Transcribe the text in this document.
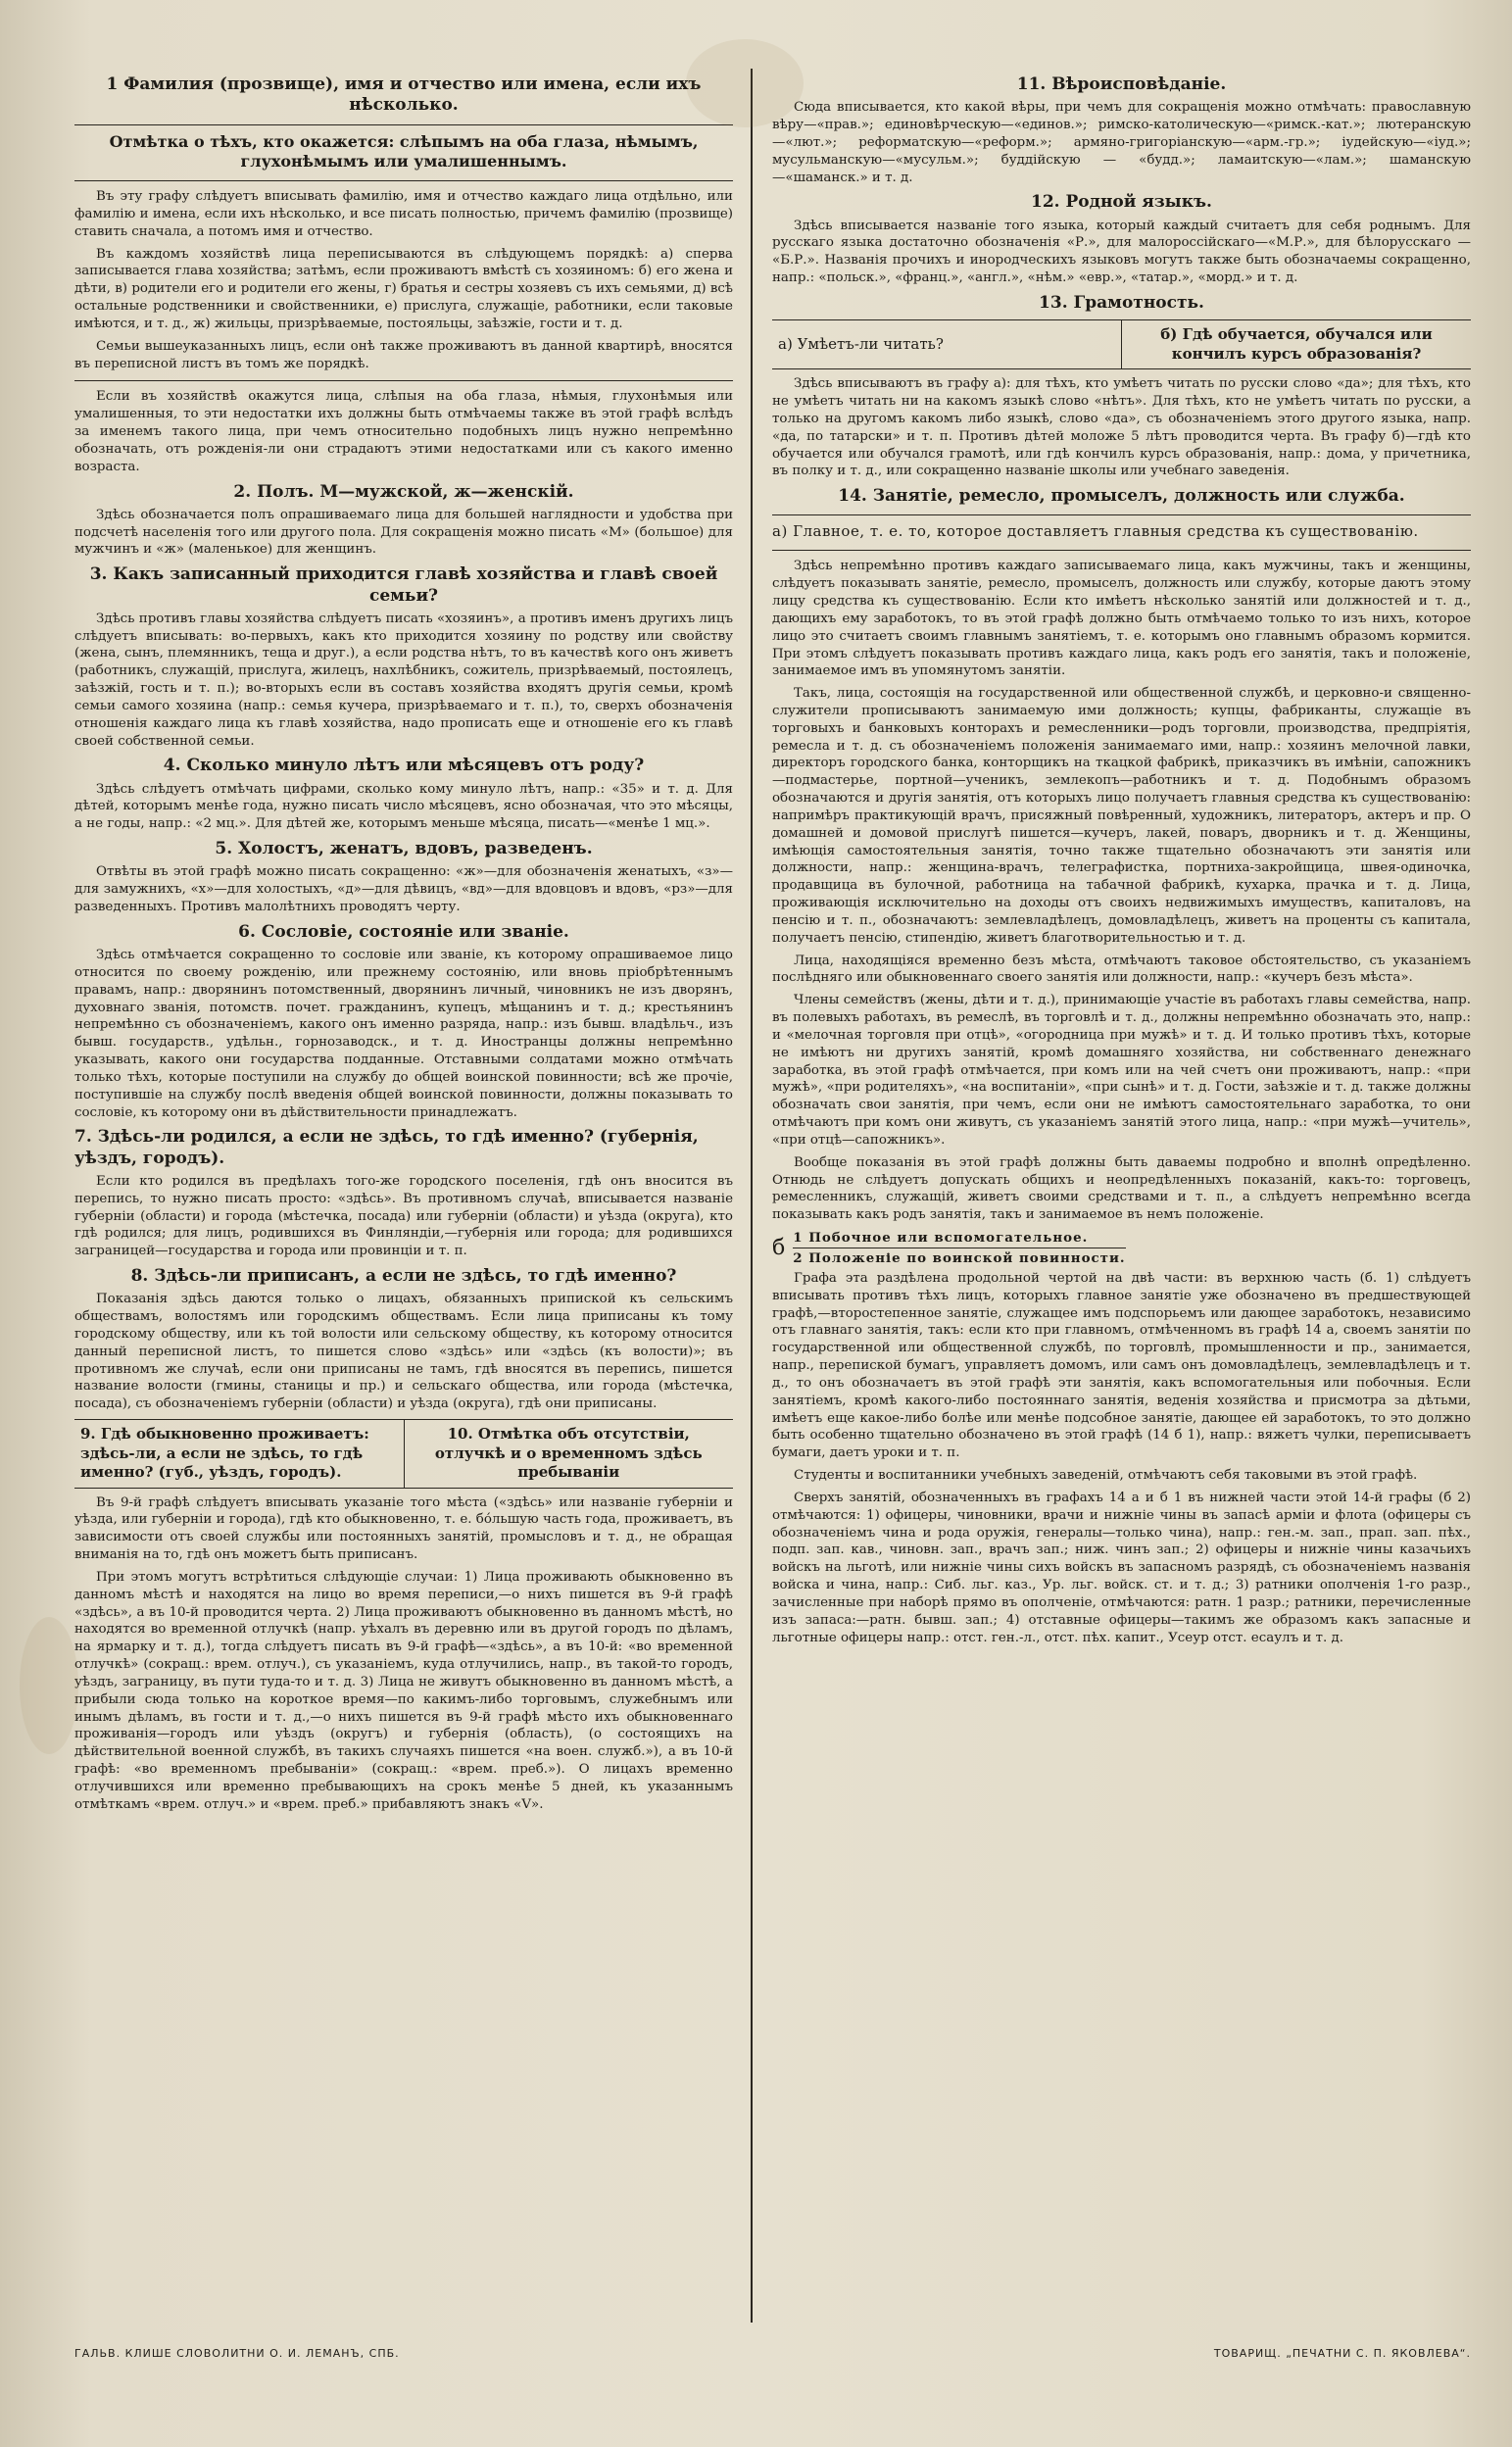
1 Фамилия (прозвище), имя и отчество или имена, если ихъ нѣсколько.
Отмѣтка о тѣхъ, кто окажется: слѣпымъ на оба глаза, нѣмымъ, глухонѣмымъ или умалишеннымъ.

Въ эту графу слѣдуетъ вписывать фамилію, имя и отчество каждаго лица отдѣльно, или фамилію и имена, если ихъ нѣсколько, и все писать полностью, причемъ фамилію (прозвище) ставить сначала, а потомъ имя и отчество.

Въ каждомъ хозяйствѣ лица переписываются въ слѣдующемъ порядкѣ: а) сперва записывается глава хозяйства; затѣмъ, если проживаютъ вмѣстѣ съ хозяиномъ: б) его жена и дѣти, в) родители его и родители его жены, г) братья и сестры хозяевъ съ ихъ семьями, д) всѣ остальные родственники и свойственники, е) прислуга, служащіе, работники, если таковые имѣются, и т. д., ж) жильцы, призрѣваемые, постояльцы, заѣзжіе, гости и т. д.

Семьи вышеуказанныхъ лицъ, если онѣ также проживаютъ въ данной квартирѣ, вносятся въ переписной листъ въ томъ же порядкѣ.

Если въ хозяйствѣ окажутся лица, слѣпыя на оба глаза, нѣмыя, глухонѣмыя или умалишенныя, то эти недостатки ихъ должны быть отмѣчаемы также въ этой графѣ вслѣдъ за именемъ такого лица, при чемъ относительно подобныхъ лицъ нужно непремѣнно обозначать, отъ рожденія-ли они страдаютъ этими недостатками или съ какого именно возраста.

2. Полъ. М—мужской, ж—женскій.

Здѣсь обозначается полъ опрашиваемаго лица для большей наглядности и удобства при подсчетѣ населенія того или другого пола. Для сокращенія можно писать «М» (большое) для мужчинъ и «ж» (маленькое) для женщинъ.

3. Какъ записанный приходится главѣ хозяйства и главѣ своей семьи?

Здѣсь противъ главы хозяйства слѣдуетъ писать «хозяинъ», а противъ именъ другихъ лицъ слѣдуетъ вписывать: во-первыхъ, какъ кто приходится хозяину по родству или свойству (жена, сынъ, племянникъ, теща и друг.), а если родства нѣтъ, то въ качествѣ кого онъ живетъ (работникъ, служащій, прислуга, жилецъ, нахлѣбникъ, сожитель, призрѣваемый, постоялецъ, заѣзжій, гость и т. п.); во-вторыхъ если въ составъ хозяйства входятъ другія семьи, кромѣ семьи самого хозяина (напр.: семья кучера, призрѣваемаго и т. п.), то, сверхъ обозначенія отношенія каждаго лица къ главѣ хозяйства, надо прописать еще и отношеніе его къ главѣ своей собственной семьи.

4. Сколько минуло лѣтъ или мѣсяцевъ отъ роду?

Здѣсь слѣдуетъ отмѣчать цифрами, сколько кому минуло лѣтъ, напр.: «35» и т. д. Для дѣтей, которымъ менѣе года, нужно писать число мѣсяцевъ, ясно обозначая, что это мѣсяцы, а не годы, напр.: «2 мц.». Для дѣтей же, которымъ меньше мѣсяца, писать—«менѣе 1 мц.».

5. Холостъ, женатъ, вдовъ, разведенъ.

Отвѣты въ этой графѣ можно писать сокращенно: «ж»—для обозначенія женатыхъ, «з»—для замужнихъ, «х»—для холостыхъ, «д»—для дѣвицъ, «вд»—для вдовцовъ и вдовъ, «рз»—для разведенныхъ. Противъ малолѣтнихъ проводятъ черту.

6. Сословіе, состояніе или званіе.

Здѣсь отмѣчается сокращенно то сословіе или званіе, къ которому опрашиваемое лицо относится по своему рожденію, или прежнему состоянію, или вновь пріобрѣтеннымъ правамъ, напр.: дворянинъ потомственный, дворянинъ личный, чиновникъ не изъ дворянъ, духовнаго званія, потомств. почет. гражданинъ, купецъ, мѣщанинъ и т. д.; крестьянинъ непремѣнно съ обозначеніемъ, какого онъ именно разряда, напр.: изъ бывш. владѣльч., изъ бывш. государств., удѣльн., горнозаводск., и т. д. Иностранцы должны непремѣнно указывать, какого они государства подданные. Отставными солдатами можно отмѣчать только тѣхъ, которые поступили на службу до общей воинской повинности; всѣ же прочіе, поступившіе на службу послѣ введенія общей воинской повинности, должны показывать то сословіе, къ которому они въ дѣйствительности принадлежатъ.

7. Здѣсь-ли родился, а если не здѣсь, то гдѣ именно? (губернія, уѣздъ, городъ).

Если кто родился въ предѣлахъ того-же городского поселенія, гдѣ онъ вносится въ перепись, то нужно писать просто: «здѣсь». Въ противномъ случаѣ, вписывается названіе губерніи (области) и города (мѣстечка, посада) или губерніи (области) и уѣзда (округа), кто гдѣ родился; для лицъ, родившихся въ Финляндіи,—губернія или города; для родившихся заграницей—государства и города или провинціи и т. п.

8. Здѣсь-ли приписанъ, а если не здѣсь, то гдѣ именно?

Показанія здѣсь даются только о лицахъ, обязанныхъ припиской къ сельскимъ обществамъ, волостямъ или городскимъ обществамъ. Если лица приписаны къ тому городскому обществу, или къ той волости или сельскому обществу, къ которому относится данный переписной листъ, то пишется слово «здѣсь» или «здѣсь (къ волости)»; въ противномъ же случаѣ, если они приписаны не тамъ, гдѣ вносятся въ перепись, пишется название волости (гмины, станицы и пр.) и сельскаго общества, или города (мѣстечка, посада), съ обозначеніемъ губерніи (области) и уѣзда (округа), гдѣ они приписаны.

9. Гдѣ обыкновенно проживаетъ: здѣсь-ли, а если не здѣсь, то гдѣ именно? (губ., уѣздъ, городъ).
10. Отмѣтка объ отсутствіи, отлучкѣ и о временномъ здѣсь пребываніи

Въ 9-й графѣ слѣдуетъ вписывать указаніе того мѣста («здѣсь» или названіе губерніи и уѣзда, или губерніи и города), гдѣ кто обыкновенно, т. е. бо́льшую часть года, проживаетъ, въ зависимости отъ своей службы или постоянныхъ занятій, промысловъ и т. д., не обращая вниманія на то, гдѣ онъ можетъ быть приписанъ.

При этомъ могутъ встрѣтиться слѣдующіе случаи: 1) Лица проживають обыкновенно въ данномъ мѣстѣ и находятся на лицо во время переписи,—о нихъ пишется въ 9-й графѣ «здѣсь», а въ 10-й проводится черта. 2) Лица проживаютъ обыкновенно въ данномъ мѣстѣ, но находятся во временной отлучкѣ (напр. уѣхалъ въ деревню или въ другой городъ по дѣламъ, на ярмарку и т. д.), тогда слѣдуетъ писать въ 9-й графѣ—«здѣсь», а въ 10-й: «во временной отлучкѣ» (сокращ.: врем. отлуч.), съ указаніемъ, куда отлучились, напр., въ такой-то городъ, уѣздъ, заграницу, въ пути туда-то и т. д. 3) Лица не живутъ обыкновенно въ данномъ мѣстѣ, а прибыли сюда только на короткое время—по какимъ-либо торговымъ, служебнымъ или инымъ дѣламъ, въ гости и т. д.,—о нихъ пишется въ 9-й графѣ мѣсто ихъ обыкновеннаго проживанія—городъ или уѣздъ (округъ) и губернія (область), (о состоящихъ на дѣйствительной военной службѣ, въ такихъ случаяхъ пишется «на воен. служб.»), а въ 10-й графѣ: «во временномъ пребываніи» (сокращ.: «врем. преб.»). О лицахъ временно отлучившихся или временно пребывающихъ на срокъ менѣе 5 дней, къ указаннымъ отмѣткамъ «врем. отлуч.» и «врем. преб.» прибавляютъ знакъ «V».

11. Вѣроисповѣданіе.

Сюда вписывается, кто какой вѣры, при чемъ для сокращенія можно отмѣчать: православную вѣру—«прав.»; единовѣрческую—«единов.»; римско-католическую—«римск.-кат.»; лютеранскую—«лют.»; реформатскую—«реформ.»; армяно-григоріанскую—«арм.-гр.»; іудейскую—«іуд.»; мусульманскую—«мусульм.»; буддійскую — «будд.»; ламаитскую—«лам.»; шаманскую—«шаманск.» и т. д.

12. Родной языкъ.

Здѣсь вписывается названіе того языка, который каждый считаетъ для себя роднымъ. Для русскаго языка достаточно обозначенія «Р.», для малороссійскаго—«М.Р.», для бѣлорусскаго — «Б.Р.». Названія прочихъ и инородческихъ языковъ могутъ также быть обозначаемы сокращенно, напр.: «польск.», «франц.», «англ.», «нѣм.» «евр.», «татар.», «морд.» и т. д.

13. Грамотность.
а) Умѣетъ-ли читать?
б) Гдѣ обучается, обучался или кончилъ курсъ образованія?

Здѣсь вписываютъ въ графу а): для тѣхъ, кто умѣетъ читать по русски слово «да»; для тѣхъ, кто не умѣетъ читать ни на какомъ языкѣ слово «нѣтъ». Для тѣхъ, кто не умѣетъ читать по русски, а только на другомъ какомъ либо языкѣ, слово «да», съ обозначеніемъ этого другого языка, напр. «да, по татарски» и т. п. Противъ дѣтей моложе 5 лѣтъ проводится черта. Въ графу б)—гдѣ кто обучается или обучался грамотѣ, или гдѣ кончилъ курсъ образованія, напр.: дома, у причетника, въ полку и т. д., или сокращенно названіе школы или учебнаго заведенія.

14. Занятіе, ремесло, промыселъ, должность или служба.

а) Главное, т. е. то, которое доставляетъ главныя средства къ существованію.

Здѣсь непремѣнно противъ каждаго записываемаго лица, какъ мужчины, такъ и женщины, слѣдуетъ показывать занятіе, ремесло, промыселъ, должность или службу, которые даютъ этому лицу средства къ существованію. Если кто имѣетъ нѣсколько занятій или должностей и т. д., дающихъ ему заработокъ, то въ этой графѣ должно быть отмѣчаемо только то изъ нихъ, которое лицо это считаетъ своимъ главнымъ занятіемъ, т. е. которымъ оно главнымъ образомъ кормится. При этомъ слѣдуетъ показывать противъ каждаго лица, какъ родъ его занятія, такъ и положеніе, занимаемое имъ въ упомянутомъ занятіи.

Такъ, лица, состоящія на государственной или общественной службѣ, и церковно-и священно-служители прописываютъ занимаемую ими должность; купцы, фабриканты, служащіе въ торговыхъ и банковыхъ конторахъ и ремесленники—родъ торговли, производства, предпріятія, ремесла и т. д. съ обозначеніемъ положенія занимаемаго ими, напр.: хозяинъ мелочной лавки, директоръ городского банка, конторщикъ на ткацкой фабрикѣ, приказчикъ въ имѣніи, сапожникъ—подмастерье, портной—ученикъ, землекопъ—работникъ и т. д. Подобнымъ образомъ обозначаются и другія занятія, отъ которыхъ лицо получаетъ главныя средства къ существованію: напримѣръ практикующій врачъ, присяжный повѣренный, художникъ, литераторъ, актеръ и пр. О домашней и домовой прислугѣ пишется—кучеръ, лакей, поваръ, дворникъ и т. д. Женщины, имѣющія самостоятельныя занятія, точно также тщательно обозначаютъ эти занятія или должности, напр.: женщина-врачъ, телеграфистка, портниха-закройщица, швея-одиночка, продавщица въ булочной, работница на табачной фабрикѣ, кухарка, прачка и т. д. Лица, проживающія исключительно на доходы отъ своихъ недвижимыхъ имуществъ, капиталовъ, на пенсію и т. п., обозначаютъ: землевладѣлецъ, домовладѣлецъ, живетъ на проценты съ капитала, получаетъ пенсію, стипендію, живетъ благотворительностью и т. д.

Лица, находящіяся временно безъ мѣста, отмѣчаютъ таковое обстоятельство, съ указаніемъ послѣдняго или обыкновеннаго своего занятія или должности, напр.: «кучеръ безъ мѣста».

Члены семействъ (жены, дѣти и т. д.), принимающіе участіе въ работахъ главы семейства, напр. въ полевыхъ работахъ, въ ремеслѣ, въ торговлѣ и т. д., должны непремѣнно обозначать это, напр.: и «мелочная торговля при отцѣ», «огородница при мужѣ» и т. д. И только противъ тѣхъ, которые не имѣютъ ни другихъ занятій, кромѣ домашняго хозяйства, ни собственнаго денежнаго заработка, въ этой графѣ отмѣчается, при комъ или на чей счетъ они проживаютъ, напр.: «при мужѣ», «при родителяхъ», «на воспитаніи», «при сынѣ» и т. д. Гости, заѣзжіе и т. д. также должны обозначать свои занятія, при чемъ, если они не имѣютъ самостоятельнаго заработка, то они отмѣчаютъ при комъ они живутъ, съ указаніемъ занятій этого лица, напр.: «при мужѣ—учитель», «при отцѣ—сапожникъ».

Вообще показанія въ этой графѣ должны быть даваемы подробно и вполнѣ опредѣленно. Отнюдь не слѣдуетъ допускать общихъ и неопредѣленныхъ показаній, какъ-то: торговецъ, ремесленникъ, служащій, живетъ своими средствами и т. п., а слѣдуетъ непремѣнно всегда показывать какъ родъ занятія, такъ и занимаемое въ немъ положеніе.

б 1 Побочное или вспомогательное.
2 Положеніе по воинской повинности.

Графа эта раздѣлена продольной чертой на двѣ части: въ верхнюю часть (б. 1) слѣдуетъ вписывать противъ тѣхъ лицъ, которыхъ главное занятіе уже обозначено въ предшествующей графѣ,—второстепенное занятіе, служащее имъ подспорьемъ или дающее заработокъ, независимо отъ главнаго занятія, такъ: если кто при главномъ, отмѣченномъ въ графѣ 14 а, своемъ занятіи по государственной или общественной службѣ, по торговлѣ, промышленности и пр., занимается, напр., перепиской бумагъ, управляетъ домомъ, или самъ онъ домовладѣлецъ, землевладѣлецъ и т. д., то онъ обозначаетъ въ этой графѣ эти занятія, какъ вспомогательныя или побочныя. Если занятіемъ, кромѣ какого-либо постояннаго занятія, веденія хозяйства и присмотра за дѣтьми, имѣетъ еще какое-либо болѣе или менѣе подсобное занятіе, дающее ей заработокъ, то это должно быть особенно тщательно обозначено въ этой графѣ (14 б 1), напр.: вяжетъ чулки, переписываетъ бумаги, даетъ уроки и т. п.

Студенты и воспитанники учебныхъ заведеній, отмѣчаютъ себя таковыми въ этой графѣ.

Сверхъ занятій, обозначенныхъ въ графахъ 14 а и б 1 въ нижней части этой 14-й графы (б 2) отмѣчаются: 1) офицеры, чиновники, врачи и нижніе чины въ запасѣ арміи и флота (офицеры съ обозначеніемъ чина и рода оружія, генералы—только чина), напр.: ген.-м. зап., прап. зап. пѣх., подп. зап. кав., чиновн. зап., врачъ зап.; ниж. чинъ зап.; 2) офицеры и нижніе чины казачьихъ войскъ на льготѣ, или нижніе чины сихъ войскъ въ запасномъ разрядѣ, съ обозначеніемъ названія войска и чина, напр.: Сиб. льг. каз., Ур. льг. войск. ст. и т. д.; 3) ратники ополченія 1-го разр., зачисленные при наборѣ прямо въ ополченіе, отмѣчаются: ратн. 1 разр.; ратники, перечисленные изъ запаса:—ратн. бывш. зап.; 4) отставные офицеры—такимъ же образомъ какъ запасные и льготные офицеры напр.: отст. ген.-л., отст. пѣх. капит., Усеур отст. есаулъ и т. д.

ГАЛЬВ. КЛИШЕ СЛОВОЛИТНИ О. И. ЛЕМАНЪ, СПБ.	ТОВАРИЩ. „ПЕЧАТНИ С. П. ЯКОВЛЕВА“.
